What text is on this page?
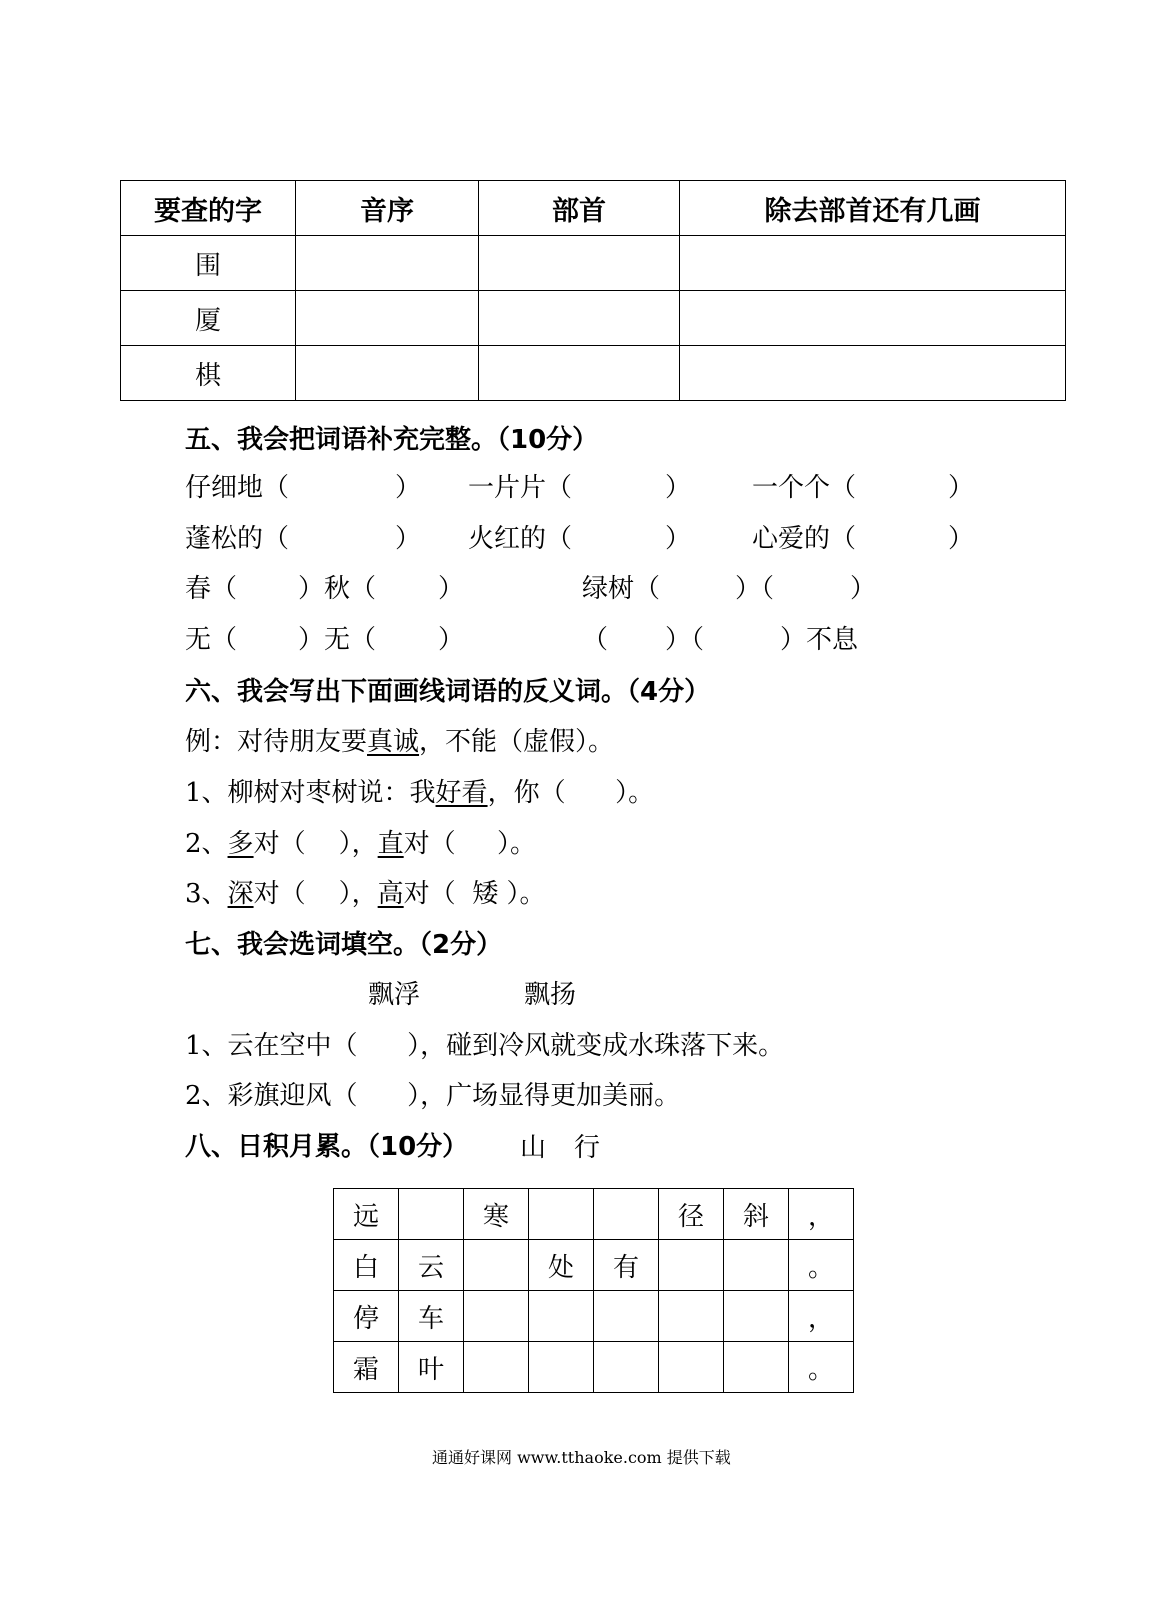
要查的字	音序	部首	除去部首还有几画
围			
厦			
棋			
五、我会把词语补充完整。（10分）
仔细地（	） 一片片（	） 一个个（	）
蓬松的（	） 火红的（	） 心爱的（	）
春（ ）秋（ ）	绿树（	）（	）
无（ ）无（ ）	（ ）（	）不息
六、我会写出下面画线词语的反义词。（4分）
例：对待朋友要真诚，不能（虚假）。
1、柳树对枣树说：我好看，你（ ）。
2、多对（ ），直对（ ）。
3、深对（ ），高对（ 矮 ）。
七、我会选词填空。（2分）
飘浮	飘扬
1、云在空中（ ），碰到冷风就变成水珠落下来。
2、彩旗迎风（ ），广场显得更加美丽。
八、日积月累。（10分） 山 行
远		寒			径	斜	，
白	云		处	有			。
停	车						，
霜	叶						。
通通好课网 www.tthaoke.com 提供下载
